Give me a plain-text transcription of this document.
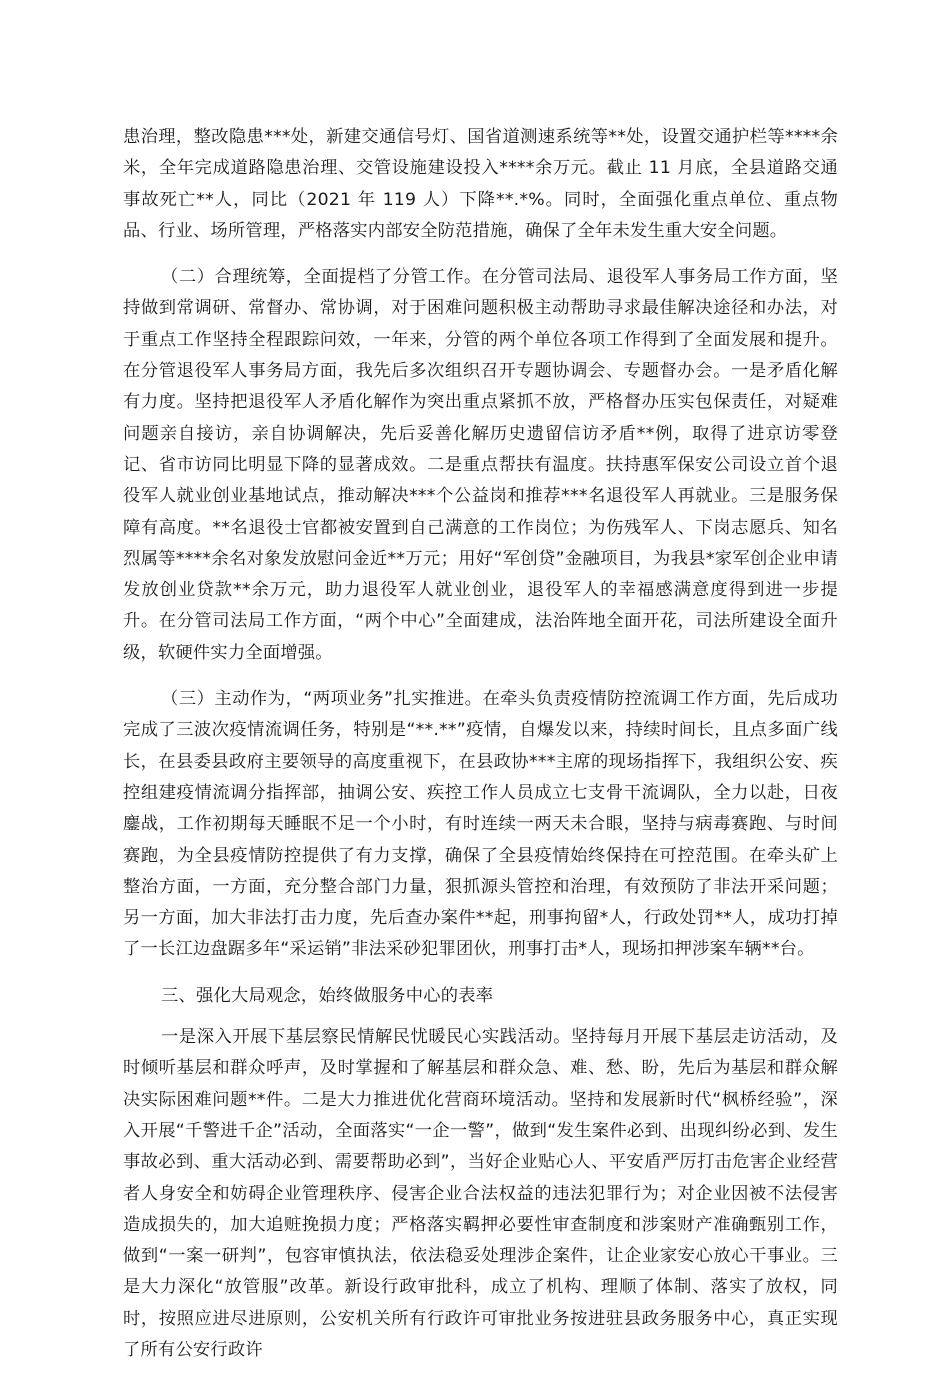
患治理，整改隐患***处，新建交通信号灯、国省道测速系统等**处，设置交通护栏等****余米，全年完成道路隐患治理、交管设施建设投入****余万元。截止 11 月底，全县道路交通事故死亡**人，同比（2021 年 119 人）下降**.*%。同时，全面强化重点单位、重点物品、行业、场所管理，严格落实内部安全防范措施，确保了全年未发生重大安全问题。

（二）合理统筹，全面提档了分管工作。在分管司法局、退役军人事务局工作方面，坚持做到常调研、常督办、常协调，对于困难问题积极主动帮助寻求最佳解决途径和办法，对于重点工作坚持全程跟踪问效，一年来，分管的两个单位各项工作得到了全面发展和提升。在分管退役军人事务局方面，我先后多次组织召开专题协调会、专题督办会。一是矛盾化解有力度。坚持把退役军人矛盾化解作为突出重点紧抓不放，严格督办压实包保责任，对疑难问题亲自接访，亲自协调解决，先后妥善化解历史遗留信访矛盾**例，取得了进京访零登记、省市访同比明显下降的显著成效。二是重点帮扶有温度。扶持惠军保安公司设立首个退役军人就业创业基地试点，推动解决***个公益岗和推荐***名退役军人再就业。三是服务保障有高度。**名退役士官都被安置到自己满意的工作岗位；为伤残军人、下岗志愿兵、知名烈属等****余名对象发放慰问金近**万元；用好“军创贷”金融项目，为我县*家军创企业申请发放创业贷款**余万元，助力退役军人就业创业，退役军人的幸福感满意度得到进一步提升。在分管司法局工作方面，“两个中心”全面建成，法治阵地全面开花，司法所建设全面升级，软硬件实力全面增强。

（三）主动作为，“两项业务”扎实推进。在牵头负责疫情防控流调工作方面，先后成功完成了三波次疫情流调任务，特别是“**.**”疫情，自爆发以来，持续时间长，且点多面广线长，在县委县政府主要领导的高度重视下，在县政协***主席的现场指挥下，我组织公安、疾控组建疫情流调分指挥部，抽调公安、疾控工作人员成立七支骨干流调队，全力以赴，日夜鏖战，工作初期每天睡眠不足一个小时，有时连续一两天未合眼，坚持与病毒赛跑、与时间赛跑，为全县疫情防控提供了有力支撑，确保了全县疫情始终保持在可控范围。在牵头矿上整治方面，一方面，充分整合部门力量，狠抓源头管控和治理，有效预防了非法开采问题；另一方面，加大非法打击力度，先后查办案件**起，刑事拘留*人，行政处罚**人，成功打掉了一长江边盘踞多年“采运销”非法采砂犯罪团伙，刑事打击*人，现场扣押涉案车辆**台。

三、强化大局观念，始终做服务中心的表率

一是深入开展下基层察民情解民忧暖民心实践活动。坚持每月开展下基层走访活动，及时倾听基层和群众呼声，及时掌握和了解基层和群众急、难、愁、盼，先后为基层和群众解决实际困难问题**件。二是大力推进优化营商环境活动。坚持和发展新时代“枫桥经验”，深入开展“千警进千企”活动，全面落实“一企一警”，做到“发生案件必到、出现纠纷必到、发生事故必到、重大活动必到、需要帮助必到”，当好企业贴心人、平安盾严厉打击危害企业经营者人身安全和妨碍企业管理秩序、侵害企业合法权益的违法犯罪行为；对企业因被不法侵害造成损失的，加大追赃挽损力度；严格落实羁押必要性审查制度和涉案财产准确甄别工作，做到“一案一研判”，包容审慎执法，依法稳妥处理涉企案件，让企业家安心放心干事业。三是大力深化“放管服”改革。新设行政审批科，成立了机构、理顺了体制、落实了放权，同时，按照应进尽进原则，公安机关所有行政许可审批业务按进驻县政务服务中心，真正实现了所有公安行政许
